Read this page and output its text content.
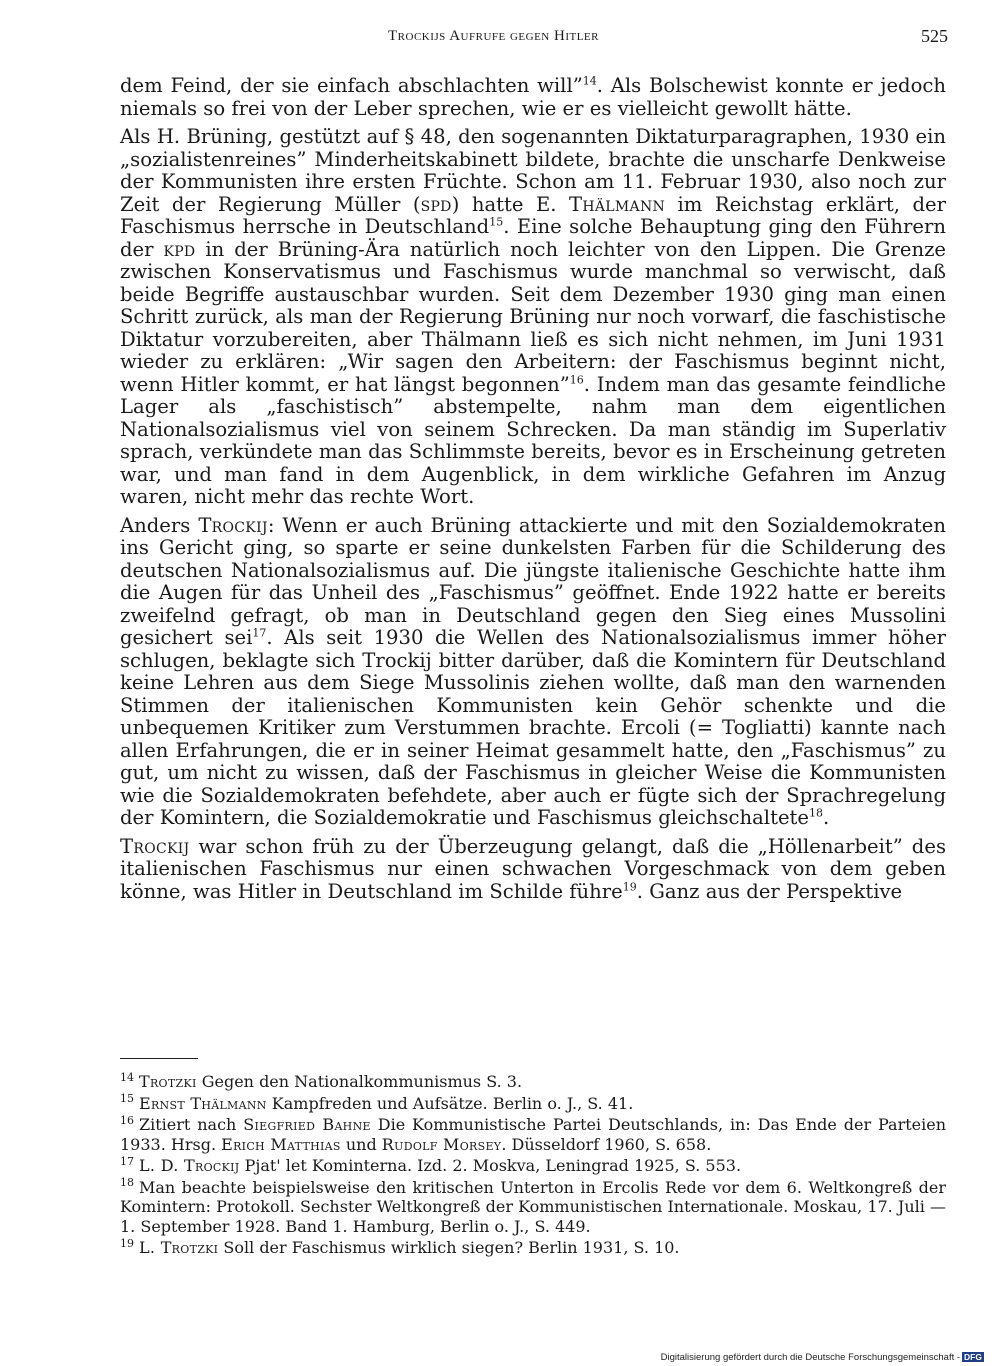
Trockijs Aufrufe gegen Hitler	525

dem Feind, der sie einfach abschlachten will”$^{14}$. Als Bolschewist konnte er jedoch niemals so frei von der Leber sprechen, wie er es vielleicht gewollt hätte.

Als H. Brüning, gestützt auf § 48, den sogenannten Diktaturparagraphen, 1930 ein „sozialistenreines” Minderheitskabinett bildete, brachte die unscharfe Denkweise der Kommunisten ihre ersten Früchte. Schon am 11. Februar 1930, also noch zur Zeit der Regierung Müller (spd) hatte E. Thälmann im Reichstag erklärt, der Faschismus herrsche in Deutschland$^{15}$. Eine solche Behauptung ging den Führern der kpd in der Brüning-Ära natürlich noch leichter von den Lippen. Die Grenze zwischen Konservatismus und Faschismus wurde manchmal so verwischt, daß beide Begriffe austauschbar wurden. Seit dem Dezember 1930 ging man einen Schritt zurück, als man der Regierung Brüning nur noch vorwarf, die faschistische Diktatur vorzubereiten, aber Thälmann ließ es sich nicht nehmen, im Juni 1931 wieder zu erklären: „Wir sagen den Arbeitern: der Faschismus beginnt nicht, wenn Hitler kommt, er hat längst begonnen”$^{16}$. Indem man das gesamte feindliche Lager als „faschistisch” abstempelte, nahm man dem eigentlichen Nationalsozialismus viel von seinem Schrecken. Da man ständig im Superlativ sprach, verkündete man das Schlimmste bereits, bevor es in Erscheinung getreten war, und man fand in dem Augenblick, in dem wirkliche Gefahren im Anzug waren, nicht mehr das rechte Wort.

Anders Trockij: Wenn er auch Brüning attackierte und mit den Sozialdemokraten ins Gericht ging, so sparte er seine dunkelsten Farben für die Schilderung des deutschen Nationalsozialismus auf. Die jüngste italienische Geschichte hatte ihm die Augen für das Unheil des „Faschismus” geöffnet. Ende 1922 hatte er bereits zweifelnd gefragt, ob man in Deutschland gegen den Sieg eines Mussolini gesichert sei$^{17}$. Als seit 1930 die Wellen des Nationalsozialismus immer höher schlugen, beklagte sich Trockij bitter darüber, daß die Komintern für Deutschland keine Lehren aus dem Siege Mussolinis ziehen wollte, daß man den warnenden Stimmen der italienischen Kommunisten kein Gehör schenkte und die unbequemen Kritiker zum Verstummen brachte. Ercoli (= Togliatti) kannte nach allen Erfahrungen, die er in seiner Heimat gesammelt hatte, den „Faschismus” zu gut, um nicht zu wissen, daß der Faschismus in gleicher Weise die Kommunisten wie die Sozialdemokraten befehdete, aber auch er fügte sich der Sprachregelung der Komintern, die Sozialdemokratie und Faschismus gleichschaltete$^{18}$.

Trockij war schon früh zu der Überzeugung gelangt, daß die „Höllenarbeit” des italienischen Faschismus nur einen schwachen Vorgeschmack von dem geben könne, was Hitler in Deutschland im Schilde führe$^{19}$. Ganz aus der Perspektive

$^{14}$ Trotzki Gegen den Nationalkommunismus S. 3.

$^{15}$ Ernst Thälmann Kampfreden und Aufsätze. Berlin o. J., S. 41.

$^{16}$ Zitiert nach Siegfried Bahne Die Kommunistische Partei Deutschlands, in: Das Ende der Parteien 1933. Hrsg. Erich Matthias und Rudolf Morsey. Düsseldorf 1960, S. 658.

$^{17}$ L. D. Trockij Pjat' let Kominterna. Izd. 2. Moskva, Leningrad 1925, S. 553.

$^{18}$ Man beachte beispielsweise den kritischen Unterton in Ercolis Rede vor dem 6. Weltkongreß der Komintern: Protokoll. Sechster Weltkongreß der Kommunistischen Internationale. Moskau, 17. Juli — 1. September 1928. Band 1. Hamburg, Berlin o. J., S. 449.

$^{19}$ L. Trotzki Soll der Faschismus wirklich siegen? Berlin 1931, S. 10.

Digitalisierung gefördert durch die Deutsche Forschungsgemeinschaft - DFG
